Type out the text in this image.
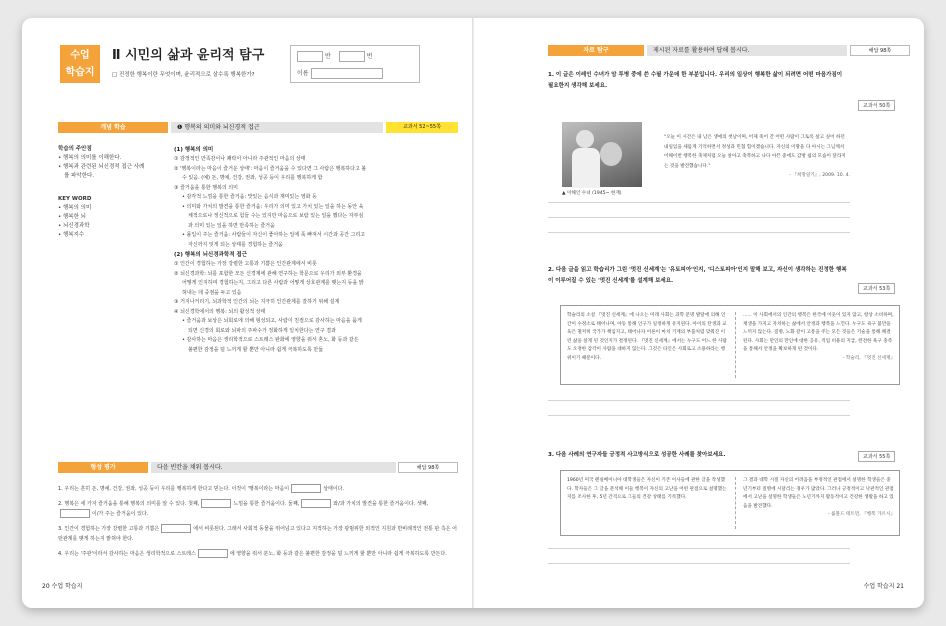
수업
학습지
Ⅱ 시민의 삶과 윤리적 탐구
□ 진정한 행복이란 무엇이며, 윤리적으로 살수록 행복한가?
반	번
이름
개념 학습	❶ 행복의 의미와 뇌신경적 접근	교과서 52~55쪽
학습의 주안점
• 행복의 의미를 이해한다.
• 행복과 관련된 뇌신경적 접근 사례
를 파악한다.
KEY WORD
• 행복의 의미
• 행복한 뇌
• 뇌신경과학
• 행복지수
(1) 행복의 의미
① 감정적인 만족감이나 쾌락이 아니라 주관적인 마음의 상태
② '행복이라는 마음이 즐거운 상태': 마음이 즐거움을 수 있다면 그 사람은 행복하다고 볼
수 있음. (예) 돈, 명예, 건강, 권좌, 성공 등이 우리를 행복하게 함
③ 즐거움을 통한 행복의 의미
• 감각적 느낌을 통한 즐거움: 맛있는 음식과 재미있는 영화 등
• 의미와 가치의 발견을 통한 즐거움: 우리가 의미 있고 가치 있는 일을 하는 동안 육
체적으로나 정신적으로 힘들 수는 있지만 마음으로 보람 있는 일을 했다는 자부심
과 의미 있는 일을 하면 만족하는 즐거움
• 몰입이 주는 즐거움: 사람들이 자신이 좋아하는 일에 푹 빠져서 시간과 공간 그리고
자신까지 잊게 되는 상태를 경험하는 즐거움
(2) 행복의 뇌신경과학적 접근
① 인간이 경험하는 가장 강렬한 고통과 기쁨은 인간관계에서 비롯
② 뇌신경과학: 뇌를 포함한 모든 신경계에 관해 연구하는 학문으로 우리가 외부 환경을
어떻게 인지하며 경험하는지, 그리고 다른 사람과 어떻게 상호관계를 맺는지 등을 밝
혀내는 데 중점을 두고 있음
③ 거지나거리기, 뇌과학적 인간의 뇌는 지극히 인간관계를 잘하기 위해 설계
④ 뇌신경학에서의 행복: 뇌의 활성적 상태
• 즐거움과 보상은 뇌회로에 의해 형성되고, 사람이 친절으로 감사하는 마음을 품게
되면 신경의 회로와 뇌파의 주파수가 정화하게 일치한다는 연구 결과
• 감사하는 마음은 생리학적으로 스트레스 완화에 영향을 줘서 혼노, 화 등과 같은
불편한 감정을 덜 느끼게 할 뿐만 아니라 쉽게 극복하도록 만듦
형성 평가	다음 빈칸을 채워 봅시다.	해답 98쪽
1. 우리는 흔히 돈, 명예, 건강, 권좌, 성공 등이 우리를 행복하게 한다고 믿는다. 이것이 '행복이라는 마음이	상태이다.
2. 행복은 세 가지 즐거움을 통해 행복의 의미를 알 수 있다. 첫째,	느낌을 통한 즐거움이다. 둘째,	와/과 가치의 발견을 통한 즐거움이다. 셋째,이/가 주는 즐거움이 있다.
3. 인간이 경험하는 가장 강렬한 고통과 기쁨은	에서 비롯된다. 그래서 사회적 동물을 뛰어넘고 있다고 지적하는 가장 광범위한 외적인 지원과 반비례적인 전통 판 측은 어떤관계를 맺게 하는지 밝혀야 한다.
4. 우리는 '주관'이라서 감사하는 마음은 생리학적으로 스트레스	에 영향을 줘서 분노, 화 등과 같은 불편한 감정을 덜 느끼게 할 뿐만 아니라 쉽게 극복하도록 만든다.
20 수업 학습지
자료 탐구	제시된 자료를 활용하여 답해 봅시다.	해답 98쪽
1. 이 글은 이레인 수녀가 암 투병 중에 쓴 수필 가운데 한 부분입니다. 우리의 일상이 행복한 삶이 되려면 어떤 마음가짐이 필요한지 생각해 보세요.
교과서 50쪽
▲ 이해인 수녀 (1945~ 현재)
"오늘 이 시간은 내 남은 생애의 첫날이며, 어제 죽어 간 어떤 사람이 그토록 살고 싶어 하던 내일임을 새롭게 기억하면서 정성과 민첩 힘이겠습니다. 자신의 이땅을 다 아시는 그님께서 이해이번 행복한 축제처럼 오늘 살아고 축복하고 나다 아픈 중에도 감방 쉽의 모습이 달라지는 것을 발견했습니다."
- 『희망일기』, 2009. 10. 4.
2. 다음 글을 읽고 학습리가 그린 '멋진 신세계'는 '유토피아'인지, '디스토피아'인지 말해 보고, 자신이 생각하는 진정한 행복이 이루어질 수 있는 '멋진 신세계'를 설계해 보세요.
교과서 53쪽
학슬리의 소설 『멋진 신세계』에 나오는 미래 사회는 과학 문명 발달에 의해 인간이 수정소로 태어나며, 아동 통해 인구가 일정하게 유지된다. 아이의 탄생과 교육은 철저히 국가가 책임지고, 태어나자 어른이 마치 기계의 부품처럼 맞춰진 이런 삶을 살게 된 것인지가 결정된다. 『멋진 신세계』에서는 누구도 어느 한 사람도 오정한 감각이 사람을 대하지 않는다. 그것은 타인은 사회로고 소용하라는 행위이기 때문이다.
...... 이 사회에서의 인간의 행복은 한국에 이웃이 있지 않고, 항상 소비하며, 재생을 가지고 자치하는 삶에서 안정과 행복을 느낀다. 누구도 욕구 불만을 느끼지 않는다. 질병, 노화 같이 고통을 주는 모든 것들은 기술을 통해 해결된다. 사회는 만인의 만인에 대한 공유, 직업 비용의 지급, 완전한 욕구 충족을 통해서 안정을 확보하게 된 것이다.
- 학슬리, 『멋진 신세계』
3. 다음 사례의 연구자들 긍정적 사고방식으로 성공한 사례를 찾아보세요.	교과서 55쪽
1960년 미국 펜실베이니아 대학생들은 자신이 기존 이사들에 관한 글을 작성했다. 학자들은 그 글을 분석해 이들 행복이 자신의 고난을 어떤 관점으로 설명했는지를 조사한 후, 5년 간격으로 그들의 건강 상태를 기록했다.
그 결과 대학 시절 자신의 어려움을 부정적인 관점에서 설명한 학생들은 중년기부터 질병에 시달리는 경우가 많았다. 그러나 긍정적이고 낙관적인 관점에서 고난을 설명한 학생들은 노년기까지 활동적이고 건강한 생활을 하고 있음을 발견했다.
- 룰볼드 테트먼, 『행복 가르시』
수업 학습지 21
